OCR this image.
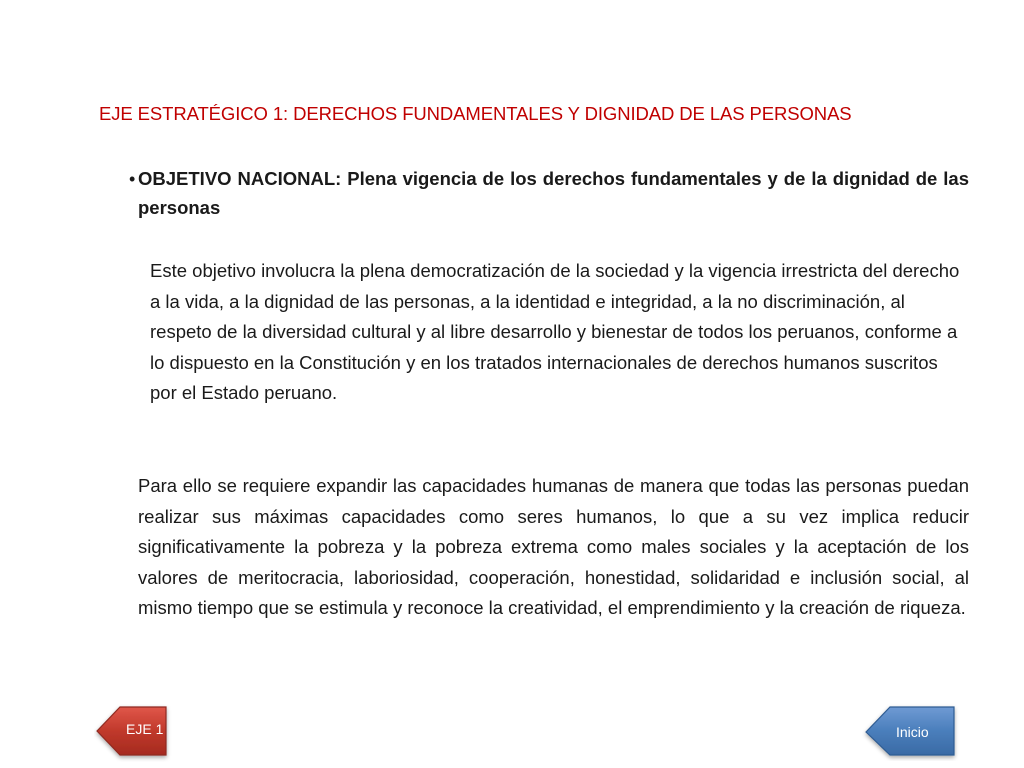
EJE ESTRATÉGICO 1: DERECHOS FUNDAMENTALES Y DIGNIDAD DE LAS PERSONAS
• OBJETIVO NACIONAL: Plena vigencia de los derechos fundamentales y de la dignidad de las personas
Este objetivo involucra la plena democratización de la sociedad y la vigencia irrestricta del derecho a la vida, a la dignidad de las personas, a la identidad e integridad, a la no discriminación, al respeto de la diversidad cultural y al libre desarrollo y bienestar de todos los peruanos, conforme a lo dispuesto en la Constitución y en los tratados internacionales de derechos humanos suscritos por el Estado peruano.
Para ello se requiere expandir las capacidades humanas de manera que todas las personas puedan realizar sus máximas capacidades como seres humanos, lo que a su vez implica reducir significativamente la pobreza y la pobreza extrema como males sociales y la aceptación de los valores de meritocracia, laboriosidad, cooperación, honestidad, solidaridad e inclusión social, al mismo tiempo que se estimula y reconoce la creatividad, el emprendimiento y la creación de riqueza.
EJE 1	Inicio
